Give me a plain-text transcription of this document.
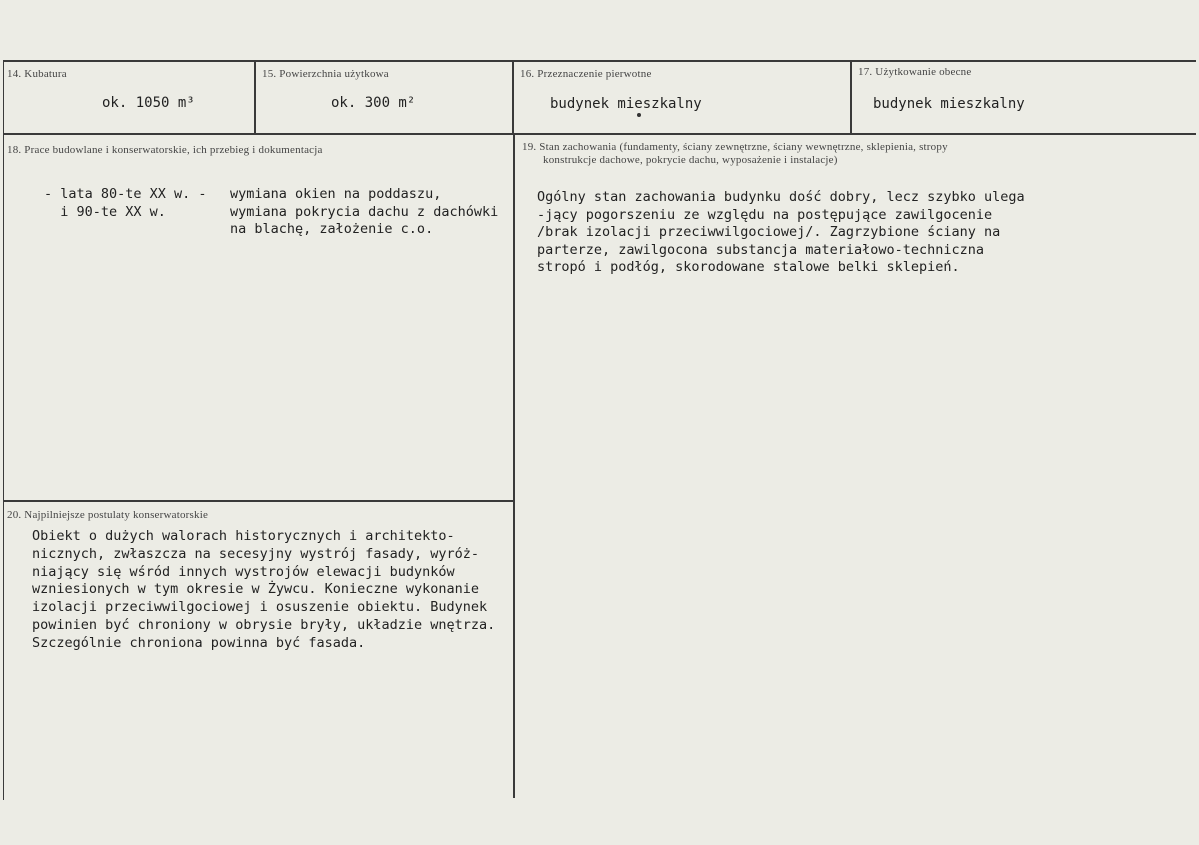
14. Kubatura
ok. 1050 m³
15. Powierzchnia użytkowa
ok. 300 m²
16. Przeznaczenie pierwotne
budynek mieszkalny
17. Użytkowanie obecne
budynek mieszkalny
18. Prace budowlane i konserwatorskie, ich przebieg i dokumentacja
- lata 80-te XX w. -
i 90-te XX w.
wymiana okien na poddaszu,
wymiana pokrycia dachu z dachówki
na blachę, założenie c.o.
19. Stan zachowania (fundamenty, ściany zewnętrzne, ściany wewnętrzne, sklepienia, stropy
konstrukcje dachowe, pokrycie dachu, wyposażenie i instalacje)
Ogólny stan zachowania budynku dość dobry, lecz szybko ulega
-jący pogorszeniu ze względu na postępujące zawilgocenie
/brak izolacji przeciwwilgociowej/. Zagrzybione ściany na
parterze, zawilgocona substancja materiałowo-techniczna
stropó i podłóg, skorodowane stalowe belki sklepień.
20. Najpilniejsze postulaty konserwatorskie
Obiekt o dużych walorach historycznych i architekto-
nicznych, zwłaszcza na secesyjny wystrój fasady, wyróż-
niający się wśród innych wystrojów elewacji budynków
wzniesionych w tym okresie w Żywcu. Konieczne wykonanie
izolacji przeciwwilgociowej i osuszenie obiektu. Budynek
powinien być chroniony w obrysie bryły, układzie wnętrza.
Szczególnie chroniona powinna być fasada.
